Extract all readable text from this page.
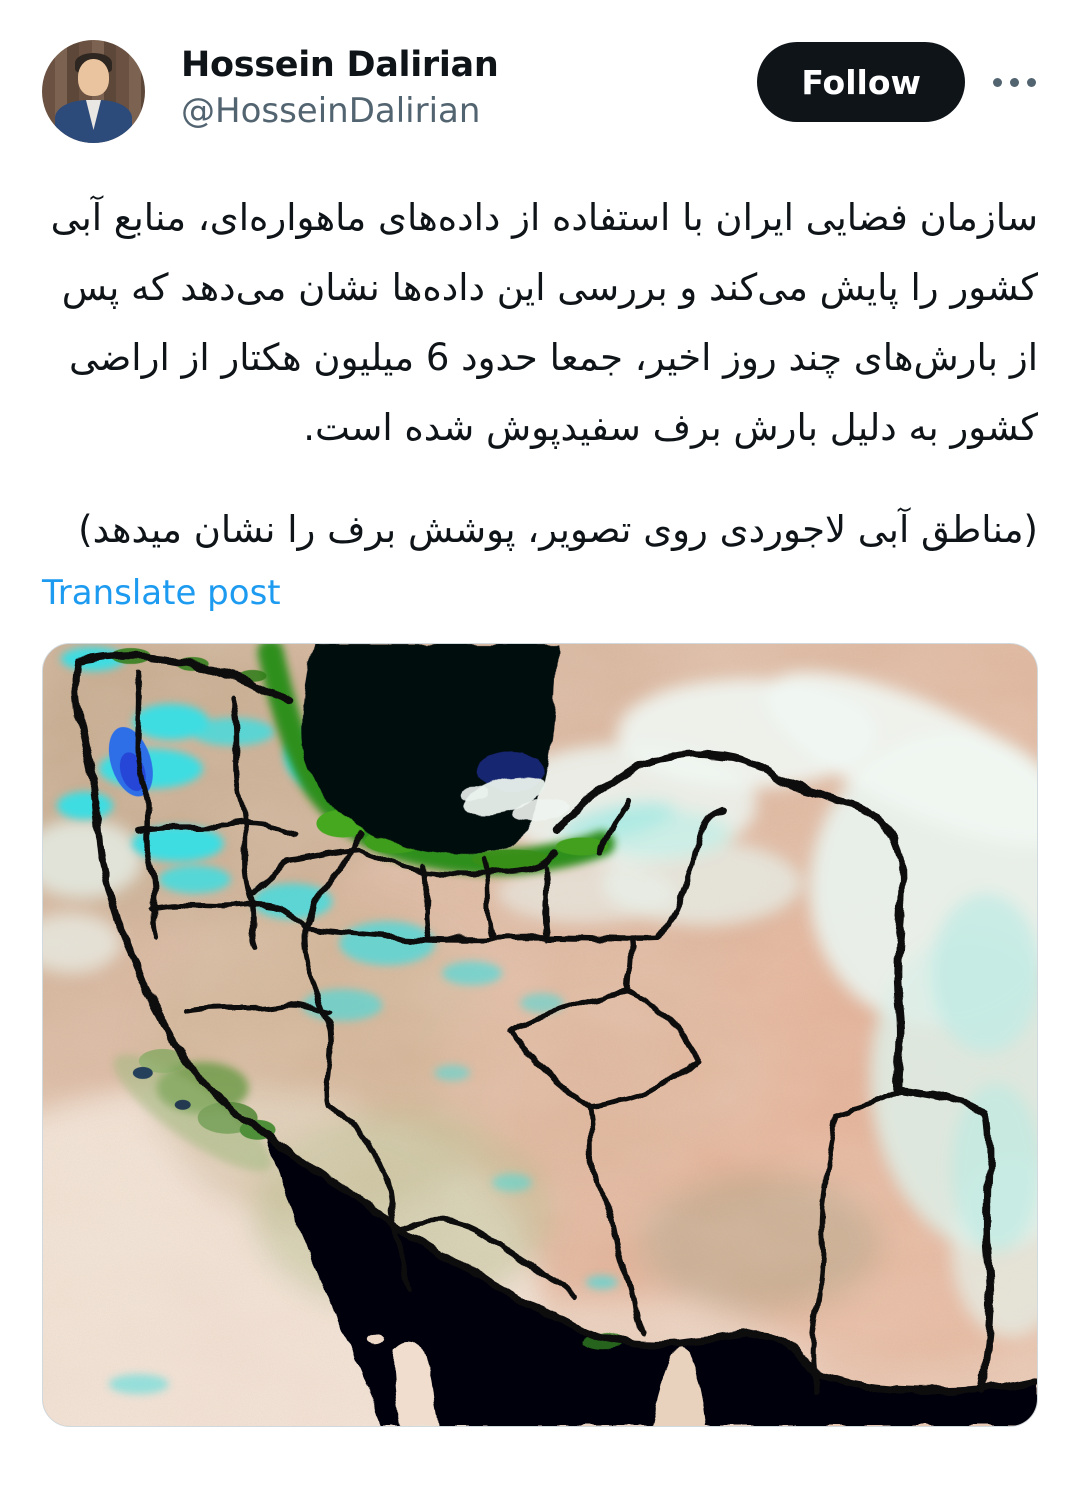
Hossein Dalirian
@HosseinDalirian
Follow
سازمان فضایی ایران با استفاده از داده‌های ماهواره‌ای، منابع آبی
کشور را پایش می‌کند و بررسی این داده‌ها نشان می‌دهد که پس
از بارش‌های چند روز اخیر، جمعا حدود 6 میلیون هکتار از اراضی
کشور به دلیل بارش برف سفیدپوش شده است.
(مناطق آبی لاجوردی روی تصویر، پوشش برف را نشان میدهد)
Translate post
